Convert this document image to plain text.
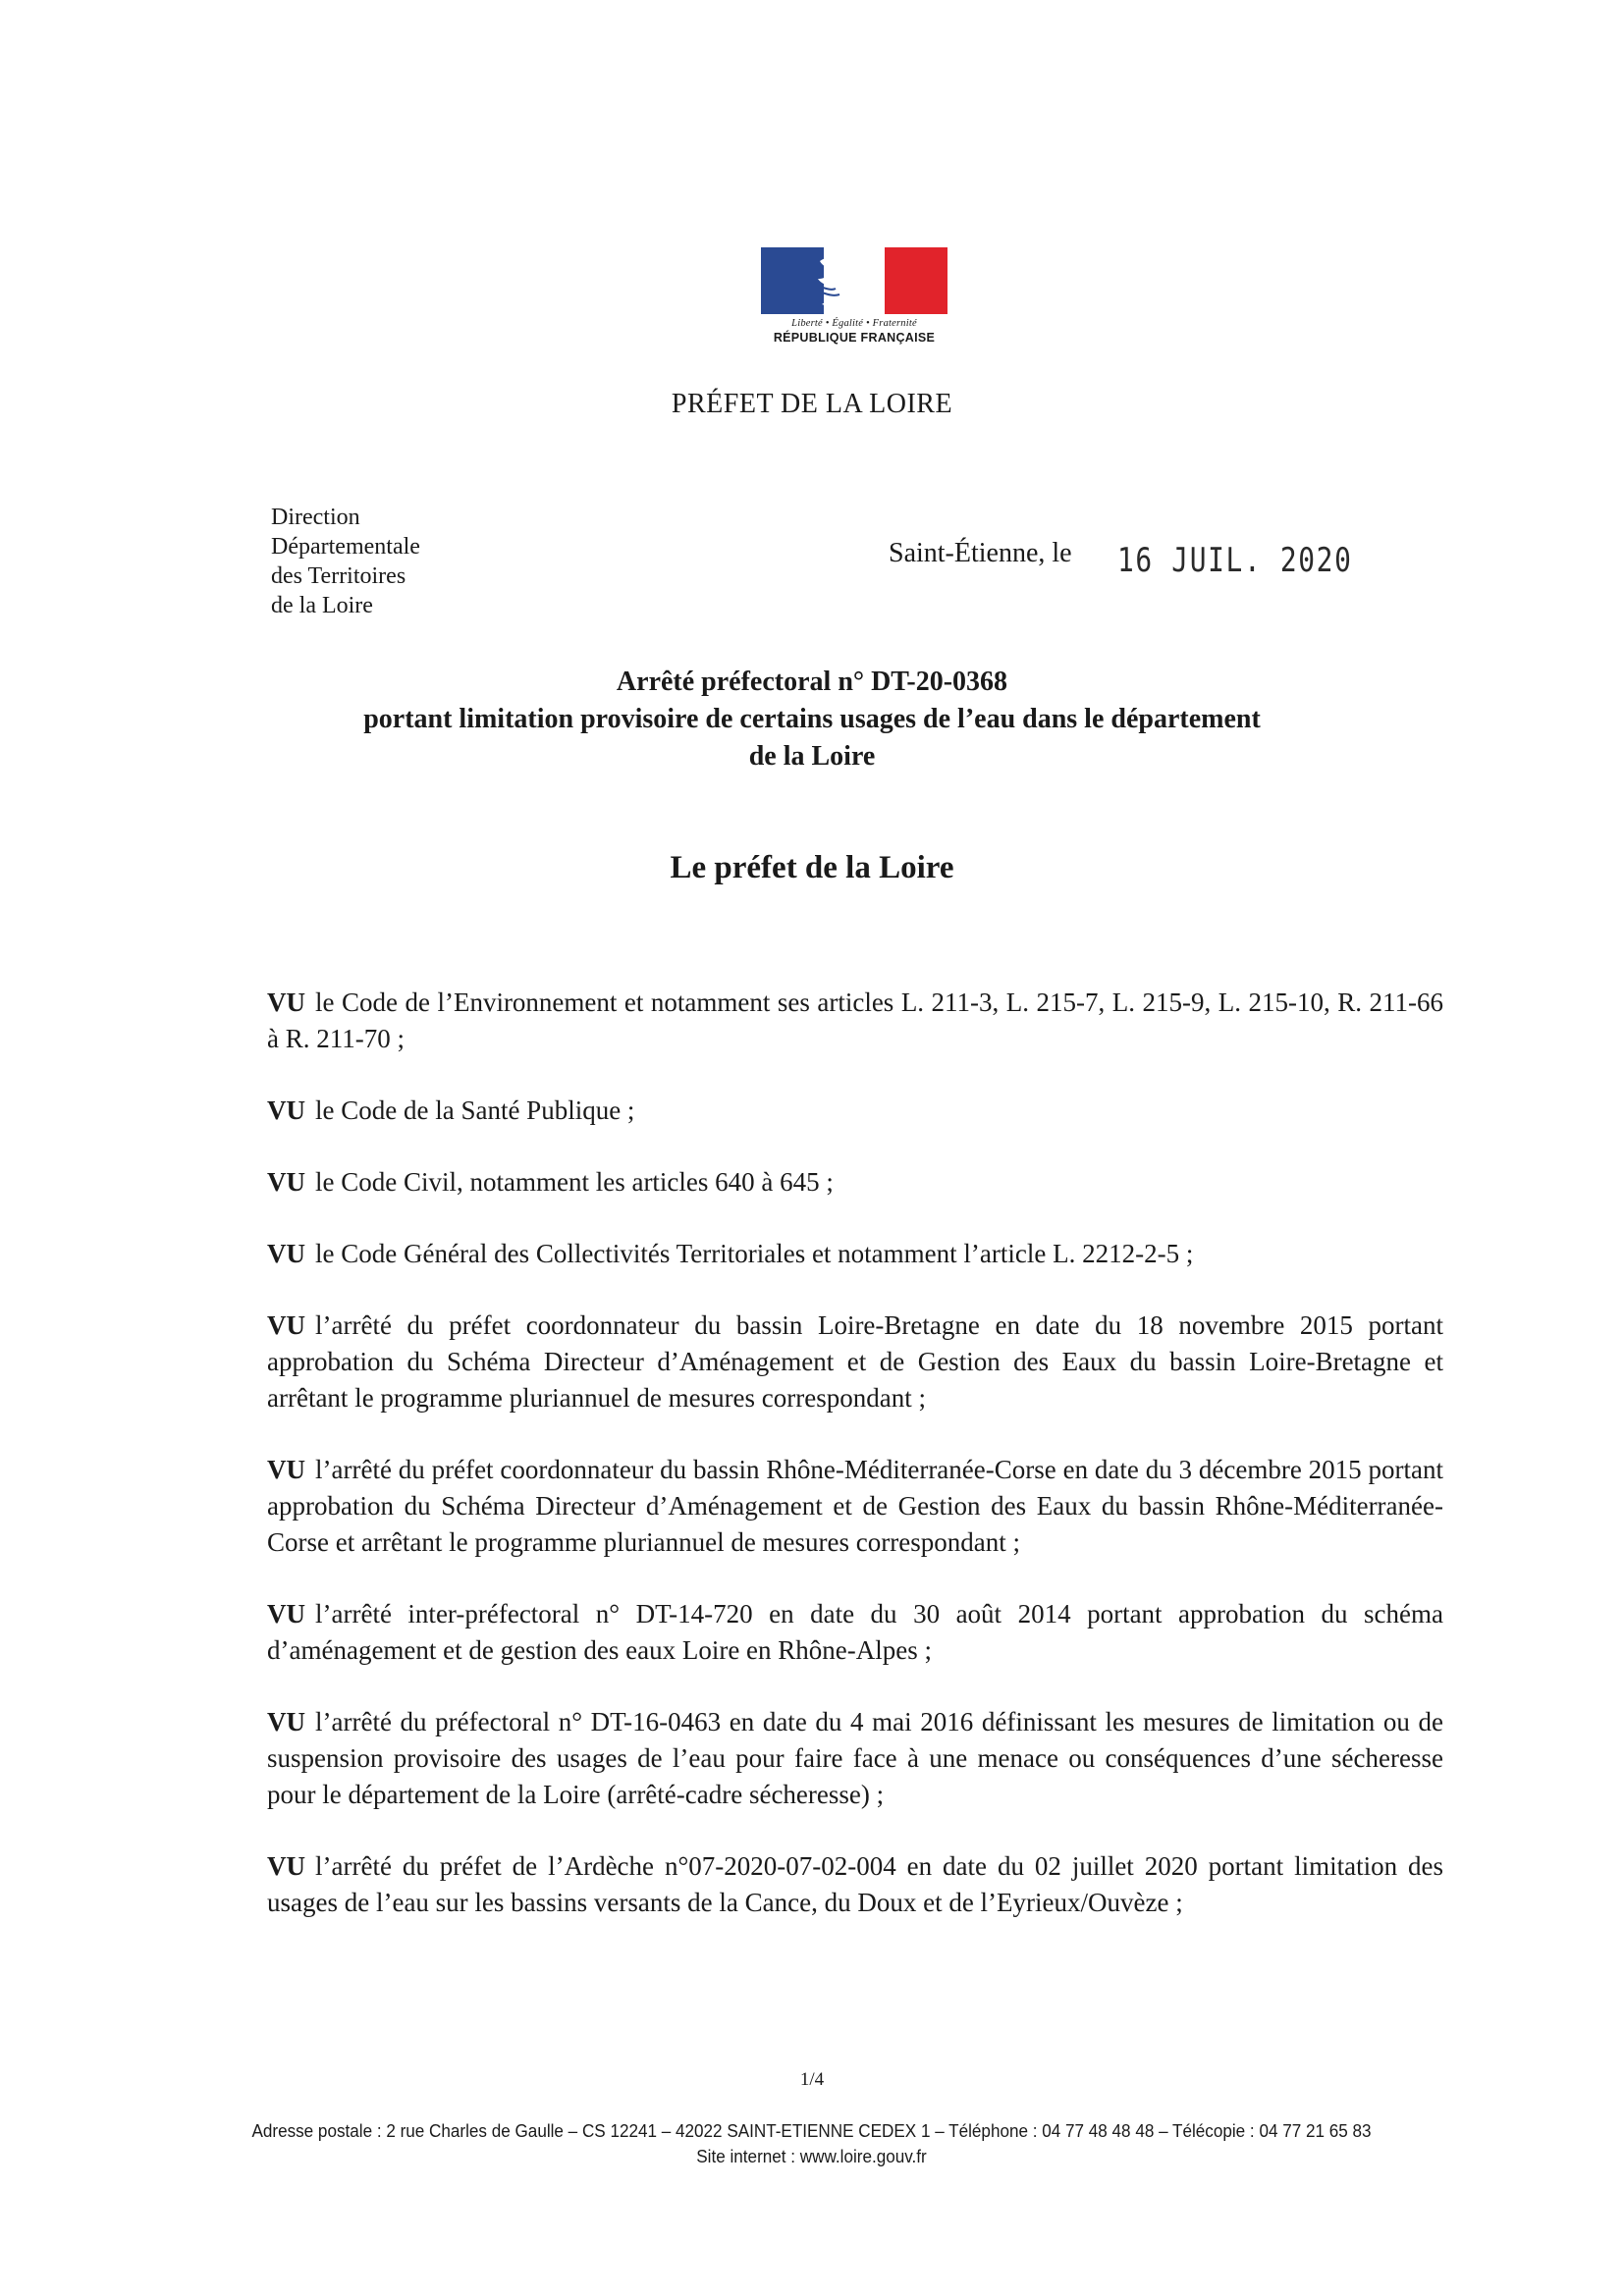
Liberté • Égalité • Fraternité
RÉPUBLIQUE FRANÇAISE
PRÉFET DE LA LOIRE
Direction
Départementale
des Territoires
de la Loire
Saint-Étienne, le 16 JUIL. 2020
Arrêté préfectoral n° DT-20-0368
portant limitation provisoire de certains usages de l’eau dans le département
de la Loire
Le préfet de la Loire

VU le Code de l’Environnement et notamment ses articles L. 211-3, L. 215-7, L. 215-9, L. 215-10, R. 211-66 à R. 211-70 ;

VU le Code de la Santé Publique ;

VU le Code Civil, notamment les articles 640 à 645 ;

VU le Code Général des Collectivités Territoriales et notamment l’article L. 2212-2-5 ;

VU l’arrêté du préfet coordonnateur du bassin Loire-Bretagne en date du 18 novembre 2015 portant approbation du Schéma Directeur d’Aménagement et de Gestion des Eaux du bassin Loire-Bretagne et arrêtant le programme pluriannuel de mesures correspondant ;

VU l’arrêté du préfet coordonnateur du bassin Rhône-Méditerranée-Corse en date du 3 décembre 2015 portant approbation du Schéma Directeur d’Aménagement et de Gestion des Eaux du bassin Rhône-Méditerranée-Corse et arrêtant le programme pluriannuel de mesures correspondant ;

VU l’arrêté inter-préfectoral n° DT-14-720 en date du 30 août 2014 portant approbation du schéma d’aménagement et de gestion des eaux Loire en Rhône-Alpes ;

VU l’arrêté du préfectoral n° DT-16-0463 en date du 4 mai 2016 définissant les mesures de limitation ou de suspension provisoire des usages de l’eau pour faire face à une menace ou conséquences d’une sécheresse pour le département de la Loire (arrêté-cadre sécheresse) ;

VU l’arrêté du préfet de l’Ardèche n°07-2020-07-02-004 en date du 02 juillet 2020 portant limitation des usages de l’eau sur les bassins versants de la Cance, du Doux et de l’Eyrieux/Ouvèze ;

1/4
Adresse postale : 2 rue Charles de Gaulle – CS 12241 – 42022 SAINT-ETIENNE CEDEX 1 – Téléphone : 04 77 48 48 48 – Télécopie : 04 77 21 65 83
Site internet : www.loire.gouv.fr
